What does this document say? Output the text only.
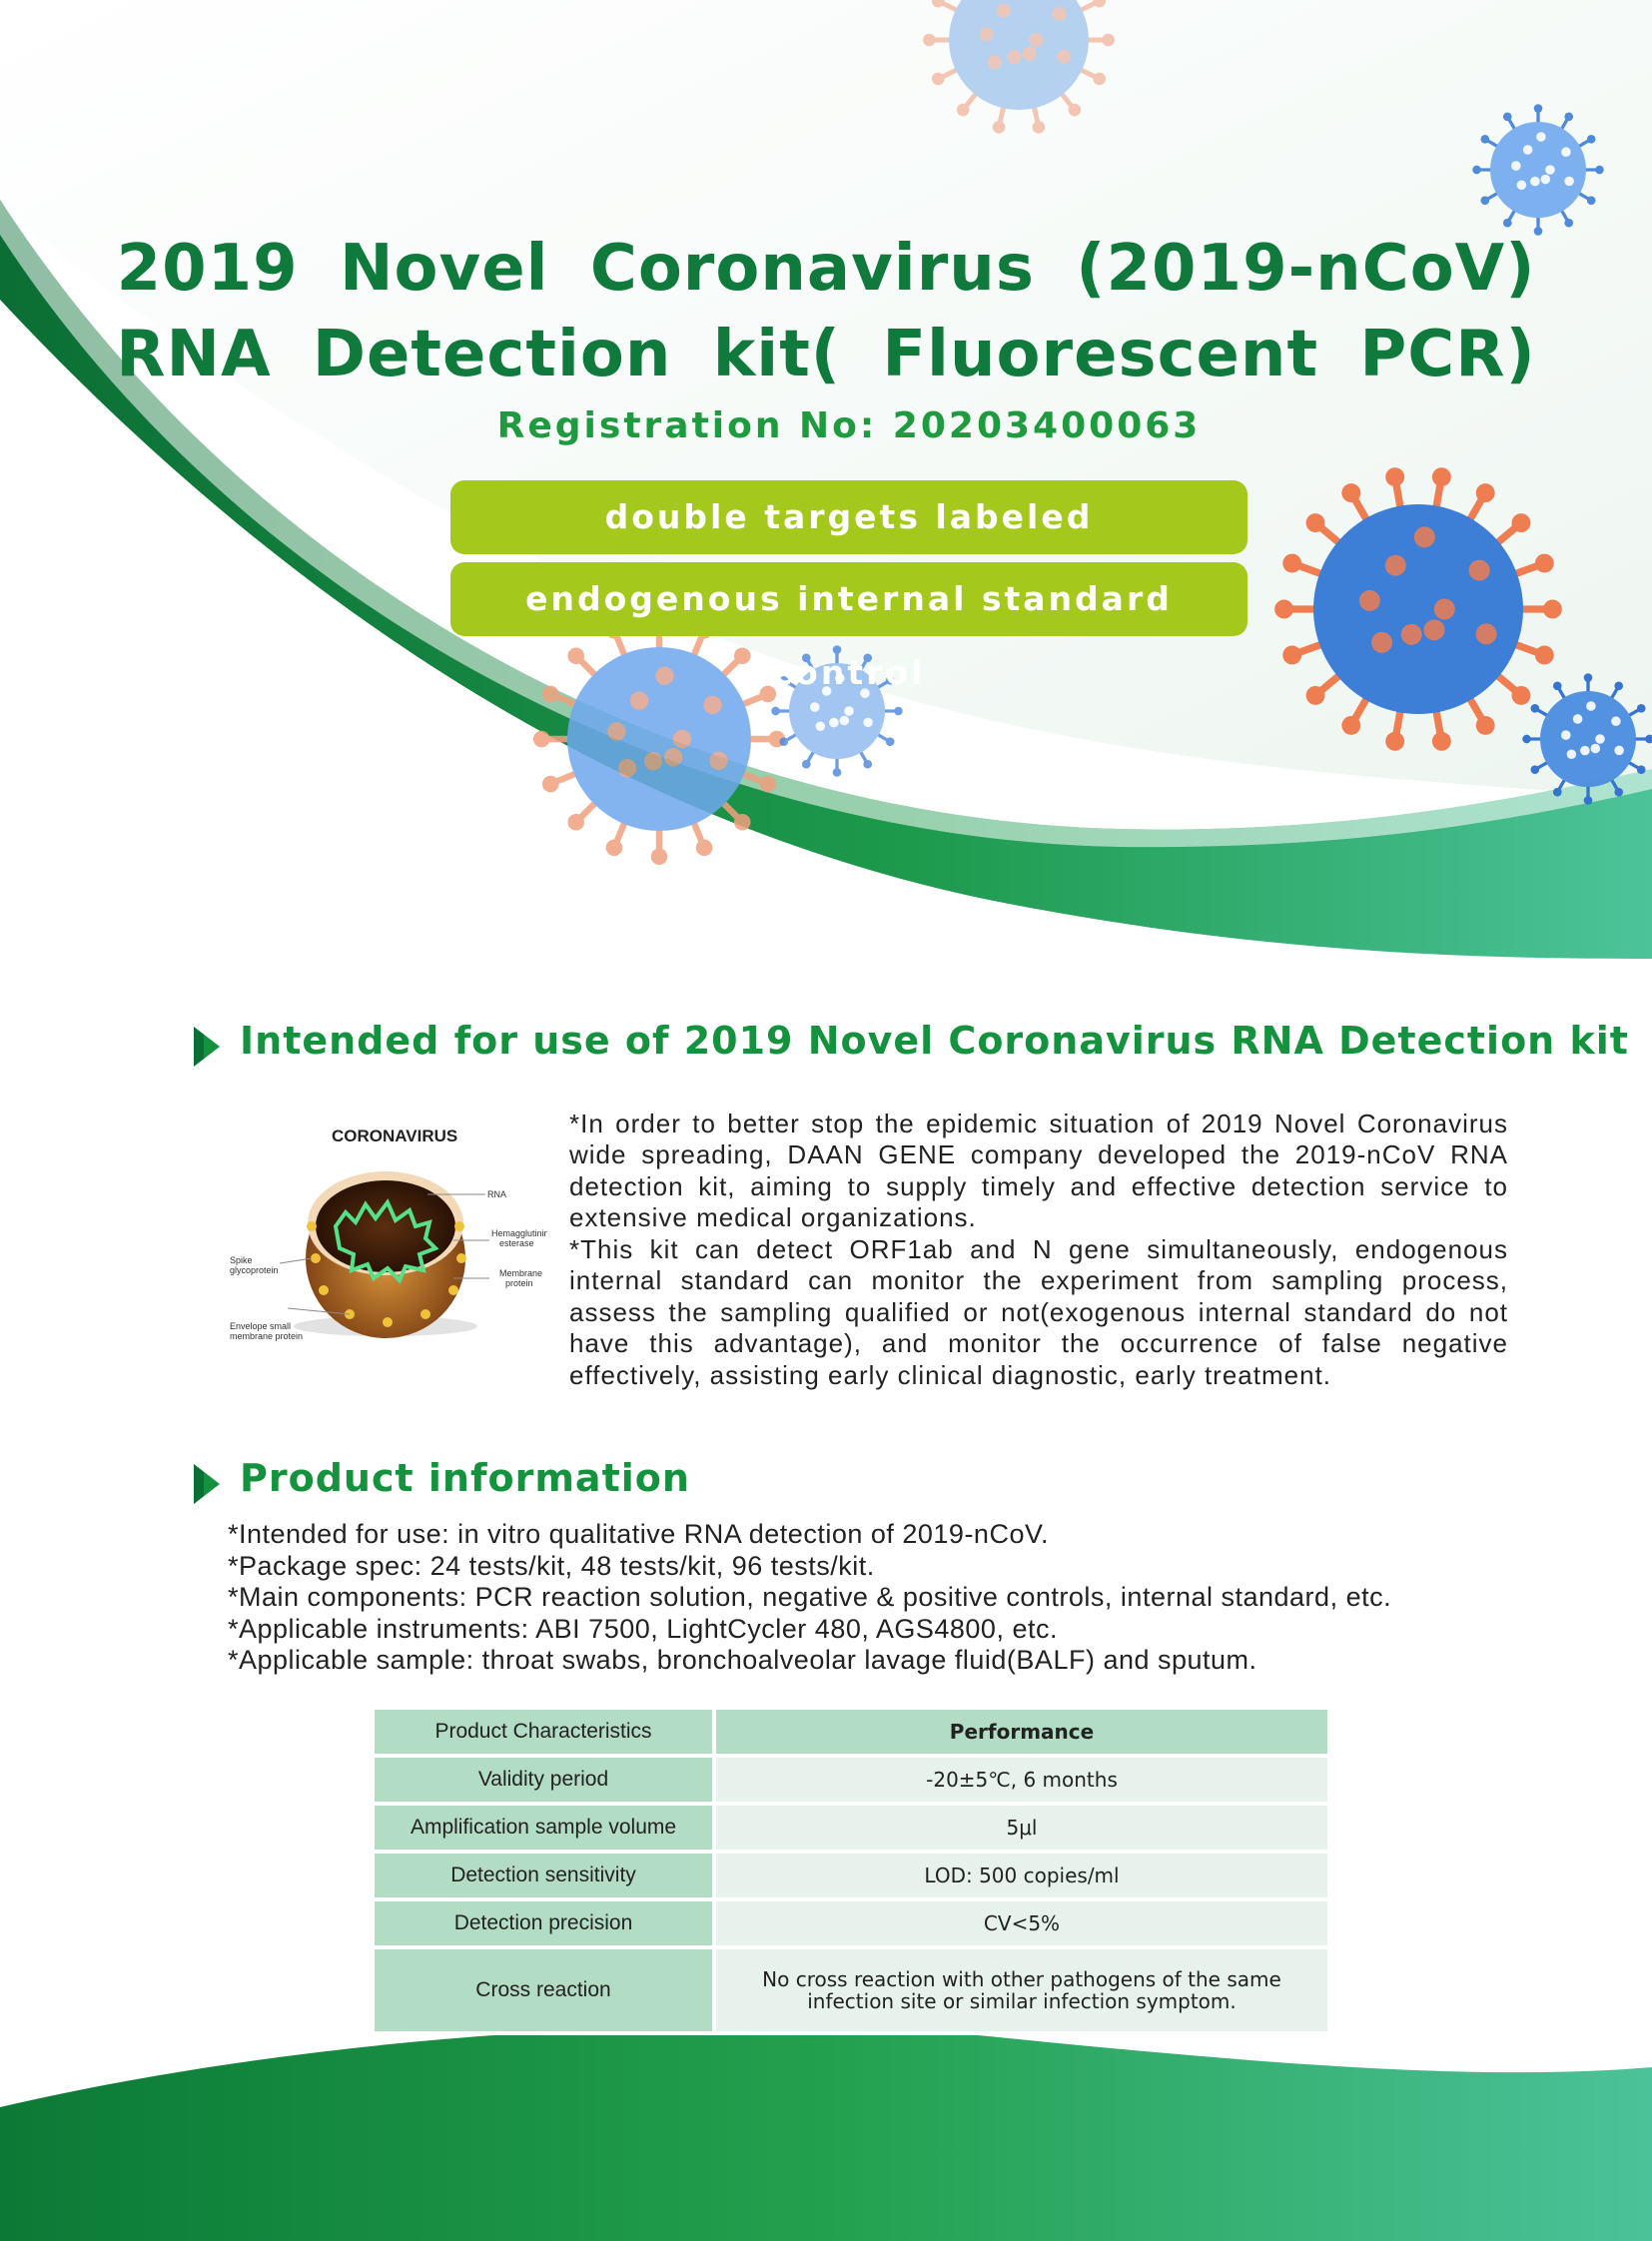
2019 Novel Coronavirus (2019-nCoV)
RNA Detection kit( Fluorescent PCR)
Registration No: 20203400063
double targets labeled
endogenous internal standard control
Intended for use of 2019 Novel Coronavirus RNA Detection kit
CORONAVIRUS
RNA
Hemagglutinin
esterase
Membrane
protein
Spike
glycoprotein
Envelope small
membrane protein
*In order to better stop the epidemic situation of 2019 Novel Coronavirus wide spreading, DAAN GENE company developed the 2019-nCoV RNA detection kit, aiming to supply timely and effective detection service to extensive medical organizations.
*This kit can detect ORF1ab and N gene simultaneously, endogenous internal standard can monitor the experiment from sampling process, assess the sampling qualified or not(exogenous internal standard do not have this advantage), and monitor the occurrence of false negative effectively, assisting early clinical diagnostic, early treatment.
Product information
*Intended for use: in vitro qualitative RNA detection of 2019-nCoV.
*Package spec: 24 tests/kit, 48 tests/kit, 96 tests/kit.
*Main components: PCR reaction solution, negative & positive controls, internal standard, etc.
*Applicable instruments: ABI 7500, LightCycler 480, AGS4800, etc.
*Applicable sample: throat swabs, bronchoalveolar lavage fluid(BALF) and sputum.
Product Characteristics	Performance
Validity period	-20±5℃, 6 months
Amplification sample volume	5μl
Detection sensitivity	LOD: 500 copies/ml
Detection precision	CV<5%
Cross reaction	No cross reaction with other pathogens of the same infection site or similar infection symptom.
